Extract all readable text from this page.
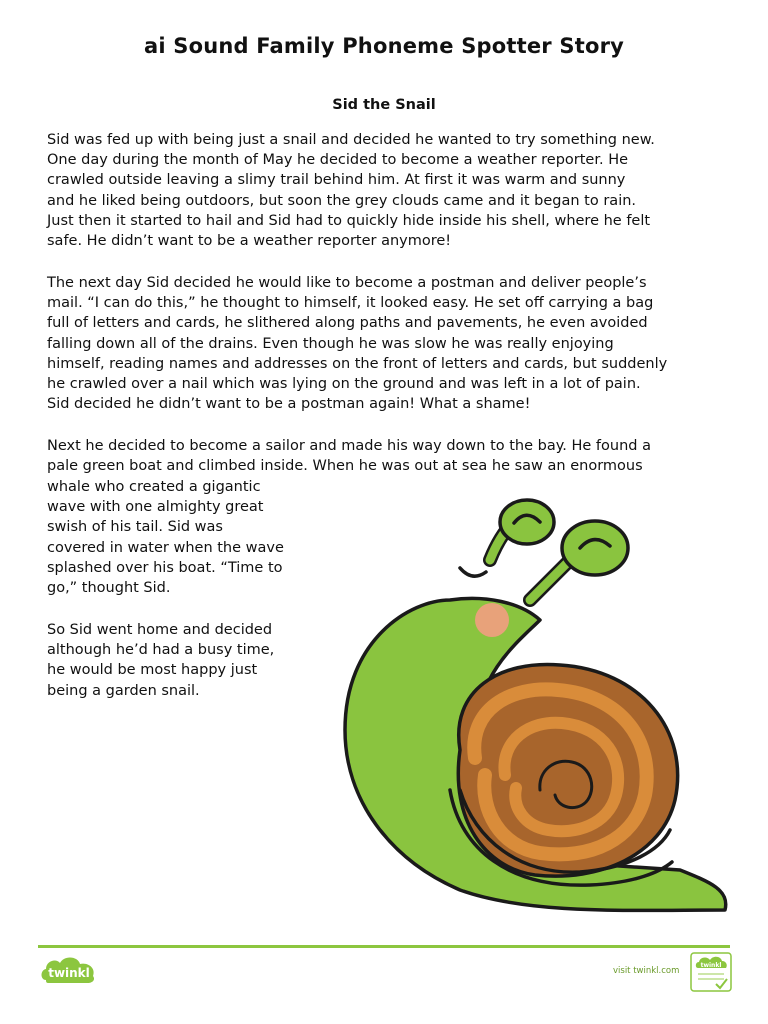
ai Sound Family Phoneme Spotter Story
Sid the Snail

Sid was fed up with being just a snail and decided he wanted to try something new.
One day during the month of May he decided to become a weather reporter. He
crawled outside leaving a slimy trail behind him. At first it was warm and sunny
and he liked being outdoors, but soon the grey clouds came and it began to rain.
Just then it started to hail and Sid had to quickly hide inside his shell, where he felt
safe. He didn’t want to be a weather reporter anymore!

The next day Sid decided he would like to become a postman and deliver people’s
mail. “I can do this,” he thought to himself, it looked easy. He set off carrying a bag
full of letters and cards, he slithered along paths and pavements, he even avoided
falling down all of the drains. Even though he was slow he was really enjoying
himself, reading names and addresses on the front of letters and cards, but suddenly
he crawled over a nail which was lying on the ground and was left in a lot of pain.
Sid decided he didn’t want to be a postman again! What a shame!

Next he decided to become a sailor and made his way down to the bay. He found a
pale green boat and climbed inside. When he was out at sea he saw an enormous

whale who created a gigantic
wave with one almighty great
swish of his tail. Sid was
covered in water when the wave
splashed over his boat. “Time to
go,” thought Sid.

So Sid went home and decided
although he’d had a busy time,
he would be most happy just
being a garden snail.

twinkl	visit twinkl.com
twinkl
